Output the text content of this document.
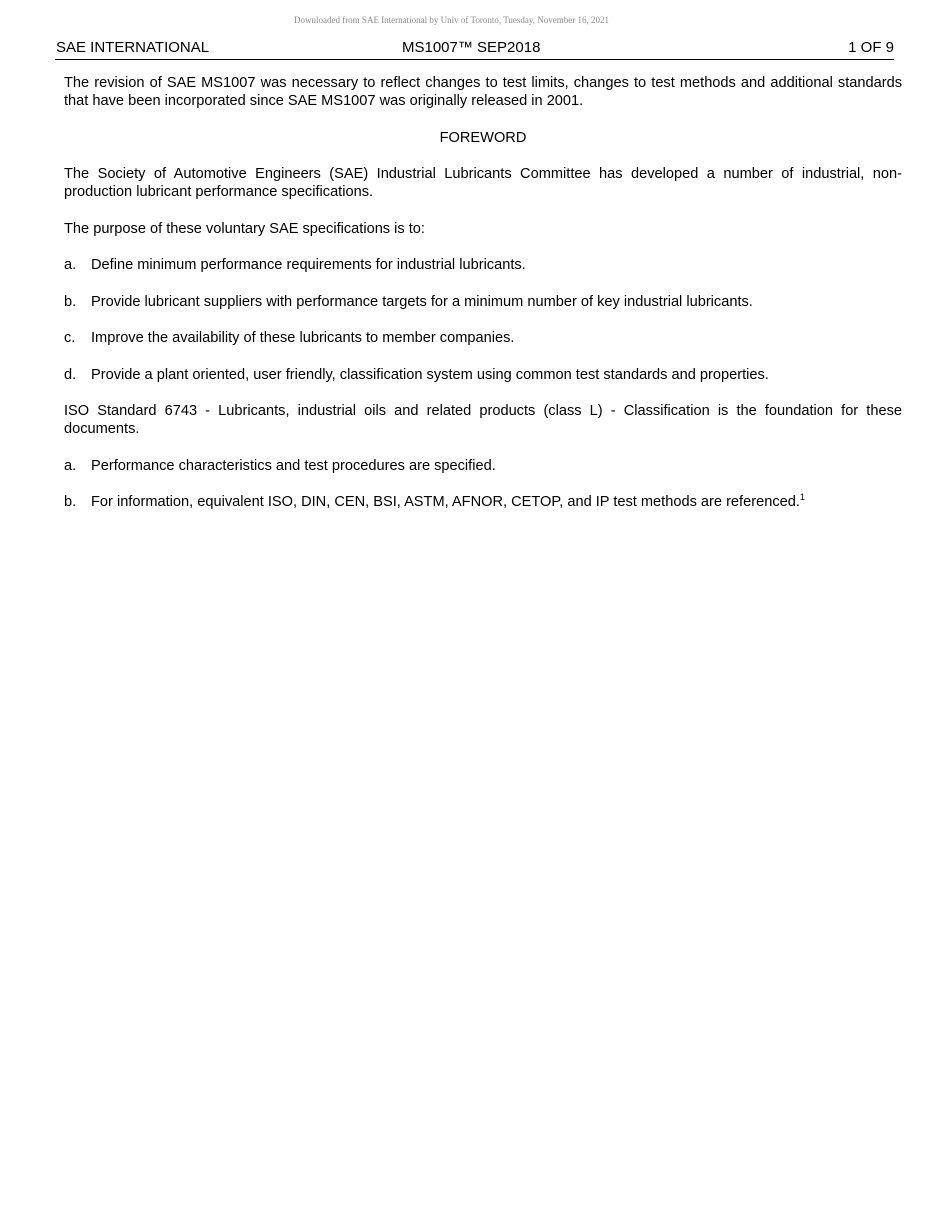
Downloaded from SAE International by Univ of Toronto, Tuesday, November 16, 2021
SAE INTERNATIONAL	MS1007™ SEP2018	1 OF 9

The revision of SAE MS1007 was necessary to reflect changes to test limits, changes to test methods and additional standards that have been incorporated since SAE MS1007 was originally released in 2001.

FOREWORD

The Society of Automotive Engineers (SAE) Industrial Lubricants Committee has developed a number of industrial, non-production lubricant performance specifications.

The purpose of these voluntary SAE specifications is to:

a.	Define minimum performance requirements for industrial lubricants.
b.	Provide lubricant suppliers with performance targets for a minimum number of key industrial lubricants.
c.	Improve the availability of these lubricants to member companies.
d.	Provide a plant oriented, user friendly, classification system using common test standards and properties.

ISO Standard 6743 - Lubricants, industrial oils and related products (class L) - Classification is the foundation for these documents.

a.	Performance characteristics and test procedures are specified.
b.	For information, equivalent ISO, DIN, CEN, BSI, ASTM, AFNOR, CETOP, and IP test methods are referenced.$^1$
